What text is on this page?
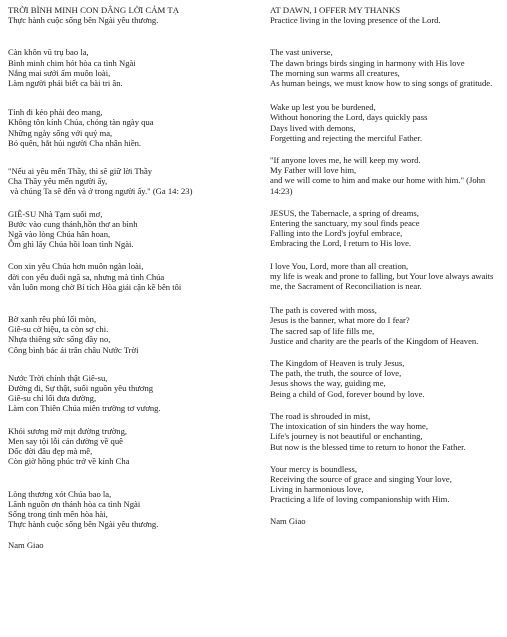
TRỜI BÌNH MINH CON DÂNG LỜI CẢM TẠ
Thực hành cuộc sống bên Ngài yêu thương.
Càn khôn vũ trụ bao la,
Bình minh chim hót hòa ca tình Ngài
Nắng mai sưởi ấm muôn loài,
Làm người phải biết ca bài tri ân.
Tỉnh đi kẻo phải đeo mang,
Không tôn kính Chúa, chóng tàn ngày qua
Những ngày sống với quỷ ma,
Bỏ quên, hắt hủi người Cha nhân hiền.
"Nếu ai yêu mến Thầy, thì sẽ giữ lời Thầy
Cha Thầy yêu mến người ấy,
và chúng Ta sẽ đến và ở trong người ấy." (Ga 14: 23)
GIÊ-SU Nhà Tạm suối mơ,
Bước vào cung thánh,hồn thơ an bình
Ngã vào lòng Chúa hân hoan,
Ôm ghì lấy Chúa hồi loan tình Ngài.
Con xin yêu Chúa hơn muôn ngàn loài,
đời con yếu đuối ngã sa, nhưng mà tình Chúa
vẫn luôn mong chờ Bí tích Hòa giải cận kề bên tôi
Bờ xanh rêu phủ lối mòn,
Giê-su cờ hiệu, ta còn sợ chi.
Nhựa thiêng sức sống đầy no,
Công bình bác ái trân châu Nước Trời
Nước Trời chính thật Giê-su,
Đường đi, Sự thật, suối nguồn yêu thương
Giê-su chỉ lối đưa đường,
Làm con Thiên Chúa miên trường tơ vương.
Khói sương mờ mịt đường trường,
Men say tội lỗi cản đường về quê
Dốc đời đâu đẹp mà mê,
Còn giờ hồng phúc trở về kính Cha
Lòng thương xót Chúa bao la,
Lãnh nguồn ơn thánh hòa ca tình Ngài
Sống trong tình mến hòa hài,
Thực hành cuộc sống bên Ngài yêu thương.
Nam Giao
AT DAWN, I OFFER MY THANKS
Practice living in the loving presence of the Lord.
The vast universe,
The dawn brings birds singing in harmony with His love
The morning sun warms all creatures,
As human beings, we must know how to sing songs of gratitude.
Wake up lest you be burdened,
Without honoring the Lord, days quickly pass
Days lived with demons,
Forgetting and rejecting the merciful Father.
"If anyone loves me, he will keep my word.
My Father will love him,
and we will come to him and make our home with him." (John 14:23)
JESUS, the Tabernacle, a spring of dreams,
Entering the sanctuary, my soul finds peace
Falling into the Lord's joyful embrace,
Embracing the Lord, I return to His love.
I love You, Lord, more than all creation,
my life is weak and prone to falling, but Your love always awaits me, the Sacrament of Reconciliation is near.
The path is covered with moss,
Jesus is the banner, what more do I fear?
The sacred sap of life fills me,
Justice and charity are the pearls of the Kingdom of Heaven.
The Kingdom of Heaven is truly Jesus,
The path, the truth, the source of love,
Jesus shows the way, guiding me,
Being a child of God, forever bound by love.
The road is shrouded in mist,
The intoxication of sin hinders the way home,
Life's journey is not beautiful or enchanting,
But now is the blessed time to return to honor the Father.
Your mercy is boundless,
Receiving the source of grace and singing Your love,
Living in harmonious love,
Practicing a life of loving companionship with Him.
Nam Giao
